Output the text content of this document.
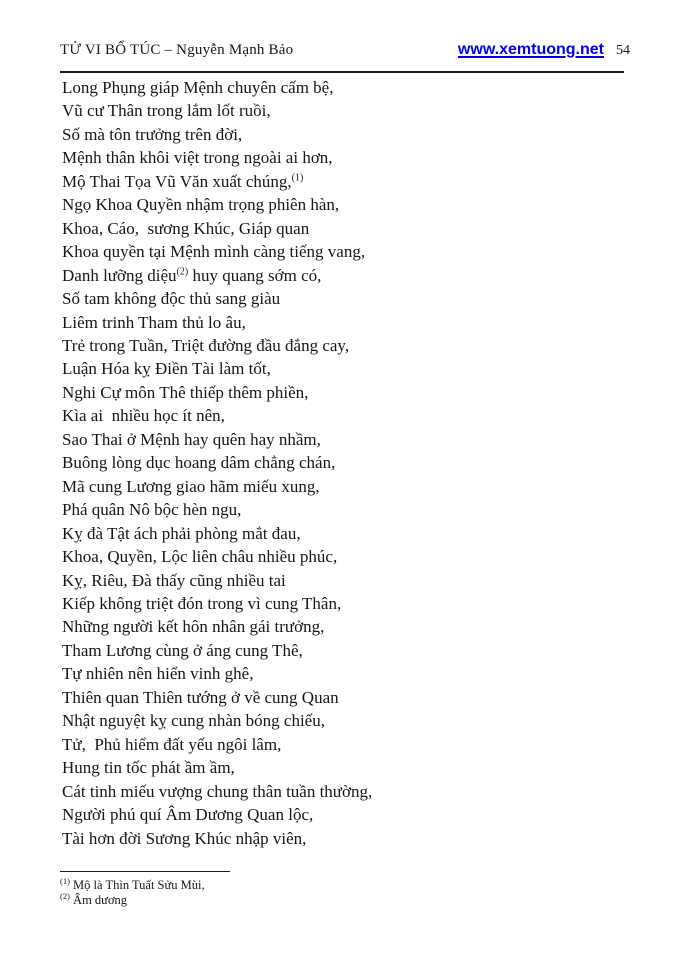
TỬ VI BỔ TÚC – Nguyễn Mạnh Bảo	www.xemtuong.net 54
Long Phụng giáp Mệnh chuyên cấm bệ,
Vũ cư Thân trong lắm lốt ruồi,
Số mà tôn trưởng trên đời,
Mệnh thân khôi việt trong ngoài ai hơn,
Mộ Thai Tọa Vũ Văn xuất chúng,$^{(1)}$
Ngọ Khoa Quyền nhậm trọng phiên hàn,
Khoa, Cáo,  sương Khúc, Giáp quan
Khoa quyền tại Mệnh mình càng tiếng vang,
Danh lưỡng diệu$^{(2)}$ huy quang sớm có,
Số tam không độc thủ sang giàu
Liêm trinh Tham thủ lo âu,
Trẻ trong Tuần, Triệt đường đầu đắng cay,
Luận Hóa kỵ Điền Tài làm tốt,
Nghi Cự môn Thê thiếp thêm phiền,
Kìa ai  nhiều học ít nên,
Sao Thai ở Mệnh hay quên hay nhầm,
Buông lòng dục hoang dâm chẳng chán,
Mã cung Lương giao hãm miếu xung,
Phá quân Nô bộc hèn ngu,
Kỵ đà Tật ách phải phòng mắt đau,
Khoa, Quyền, Lộc liên châu nhiều phúc,
Kỵ, Riêu, Đà thấy cũng nhiều tai
Kiếp không triệt đón trong vì cung Thân,
Những người kết hôn nhân gái trưởng,
Tham Lương cùng ở áng cung Thê,
Tự nhiên nên hiển vinh ghê,
Thiên quan Thiên tướng ở về cung Quan
Nhật nguyệt kỵ cung nhàn bóng chiếu,
Tử,  Phủ hiểm đất yếu ngôi lâm,
Hung tin tốc phát ầm ầm,
Cát tinh miếu vượng chung thân tuần thường,
Người phú quí Âm Dương Quan lộc,
Tài hơn đời Sương Khúc nhập viên,
$^{(1)}$ Mộ là Thìn Tuất Sửu Mùi,
$^{(2)}$ Âm dương
